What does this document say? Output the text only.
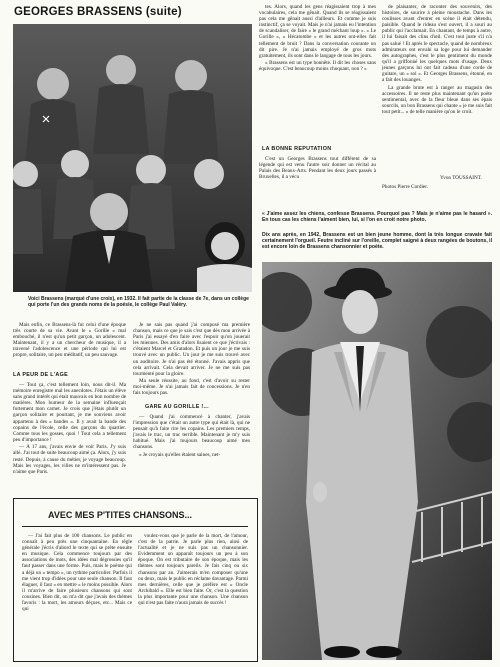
GEORGES BRASSENS (suite)
Voici Brassens (marqué d'une croix), en 1932. Il fait partie de la classe de 7e, dans un collège qui porte l'un des grands noms de la poésie, le collège Paul Valéry.

Mais enfin, ce Brassens-là fut celui d'une époque très courte de sa vie. Avant le « Gorille » mal embouché, il n'est qu'un petit garçon, un adolescent. Maintenant, il y a un chercheur de musique, il a traversé l'adolescence et une période qui lui est propre, solitaire, un peu méditatif, un peu sauvage.

LA PEUR DE L'AGE

— Tout ça, c'est tellement loin, nous dit-il. Ma mémoire enregistre mal les anecdotes. J'étais un élève sans grand intérêt qui était mauvais en bon nombre de matières. Mon humeur de la semaine influençait fortement mon carnet. Je crois que j'étais plutôt un garçon solitaire et pourtant, je me souviens avoir appartenu à des « bandes ». Il y avait la bande des copains de l'école, celle des garçons du quartier. Comme tous les gosses, quoi ! Tout cela a tellement peu d'importance !

— A 17 ans, j'avais envie de voir Paris. J'y suis allé. J'ai tout de suite beaucoup aimé ça. Alors, j'y suis resté. Depuis, à cause du métier, je voyage beaucoup. Mais les voyages, les villes ne m'intéressent pas. Je n'aime que Paris.

Je ne sais pas quand j'ai composé ma première chanson, mais ce que je sais c'est que dès mon arrivée à Paris j'ai essayé d'en faire avec l'espoir qu'on jouerait les miennes. Des amis d'alors lisaient ce que j'écrivais : c'étaient Marcel et Gratadon. Et puis un jour je me suis trouvé avec un public. Un jour je me suis trouvé avec un auditoire. Je n'ai pas été étonné. J'avais appris que cela arrivait. Cela devait arriver. Je ne me suis pas tourmenté pour la gloire.

Ma seule réussite, au fond, c'est d'avoir su rester moi-même. Je n'ai jamais fait de concessions. Je n'en fais toujours pas.

GARE AU GORILLE !...

— Quand j'ai commencé à chanter, j'avais l'impression que c'était un autre type qui était là, qui ne pensait qu'à faire rire les copains. Les premiers temps, j'avais le trac, un trac terrible. Maintenant je m'y suis habitué. Mais j'ai toujours beaucoup aimé mes chansons.

« Je croyais qu'elles étaient saines, net-

tes. Alors, quand les gens réagissaient trop à mes vocabulaires, cela me gênait. Quand ils se réagissaient pas cela me gênait aussi d'ailleurs. Et comme je suis instinctif, ça se voyait. Mais je n'ai jamais eu l'intention de scandaliser, de faire « le grand méchant loup ». « Le Gorille », « Hécatombe » et les autres ont-elles fait tellement de bruit ? Dans la conversation courante on dit pire. Je n'ai jamais employé de gros mots gratuitement, ils sont dans le langage de tous les jours.

« Brassens est un type honnête. Il dit les choses sans équivoque. C'est beaucoup moins choquant, non ? »

LA BONNE REPUTATION

C'est un Georges Brassens tout différent de sa légende qui est venu l'autre soir donner un récital au Palais des Beaux-Arts. Pendant les deux jours passés à Bruxelles, il a vécu

de plaisanter, de raconter des souvenirs, des histoires, de sourire à pleine moustache. Dans les coulisses avant d'entrer en scène il était détendu, paisible. Quand le rideau s'est ouvert, il a souri au public qui l'acclamait. En chantant, de temps à autre, il lui faisait des clins d'œil. C'est tout juste s'il n'a pas salué ! Et après le spectacle, quand de nombreux admirateurs ont envahi sa loge pour lui demander des autographes, c'est le plus gentiment du monde qu'il a griffonné les quelques mots d'usage. Deux jeunes garçons lui ont fait cadeau d'une corde de guitare, un « sol ». Et Georges Brassens, étonné, en a fait des louanges.

La grande brute est à ranger au magasin des accessoires. Il ne reste plus maintenant qu'un poète sentimental, avec de la fleur bleue dans ses épais sourcils, un bon Brassens qui chante « je me suis fait tout petit... » de telle manière qu'on le croit.

Yvon TOUSSAINT.
Photos Pierre Cordier.
« J'aime assez les chiens, confesse Brassens. Pourquoi pas ? Mais je n'aime pas le hasard ». En tous cas les chiens l'aiment bien, lui, si l'on en croit notre photo.
Dix ans après, en 1942, Brassens est un bien jeune homme, dont la très longue cravate fait certainement l'orgueil. Feutre incliné sur l'oreille, complet saigné à deux rangées de boutons, il est encore loin de Brassens chansonnier et poète.
AVEC MES P'TITES CHANSONS...

— J'ai fait plus de 100 chansons. Le public en connaît à peu près une cinquantaine. En règle générale j'écris d'abord le texte qui se prête ensuite en musique. Cela commence toujours par des associations de mots, des idées mal dégrossies qu'il faut passer dans une forme. Puis, mais le poème qui a déjà un « tempo », un rythme particulier. Parfois il me vient trop d'idées pour une seule chanson. Il faut élaguer, il faut « en mettre » le moins possible. Alors il m'arrive de faire plusieurs chansons qui sont cousines. Bien dit, on m'a dit que j'avais des thèmes favoris : la mort, les amours déçues, etc... Mais ce qui

voulez-vous que je parle de la mort, de l'amour, c'est de la patrie. Je parle plus rien, ainsi de l'actualité et je ne suis pas un chansonnier. Evidemment on apparaît toujours un peu à son époque. On est tributaire de son époque, mais les thèmes sont toujours pareils. Je fais cinq ou six chansons par an. J'aimerais m'en composer qu'une ou deux, mais le public en réclame davantage. Parmi mes dernières, celle que je préfère est « Oncle Archibald ». Elle est bien faite. Or, c'est la question la plus importante pour une chanson. Une chanson qui n'est pas faite n'aura jamais de succès !
